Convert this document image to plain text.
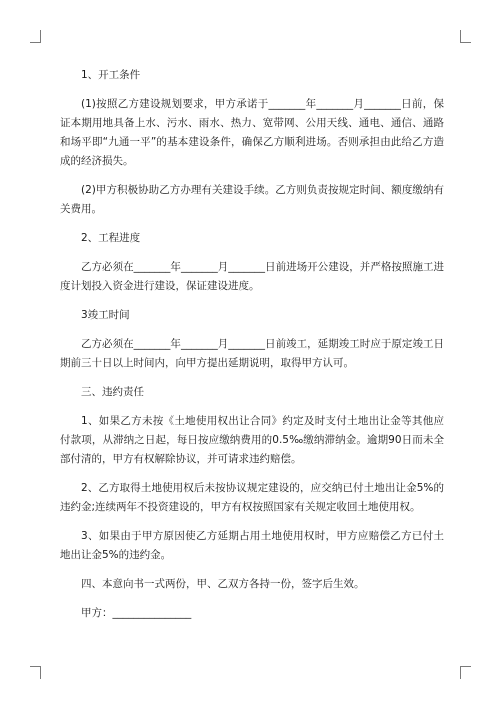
1、开工条件

(1)按照乙方建设规划要求，甲方承诺于_______年_______月_______日前，保证本期用地具备上水、污水、雨水、热力、宽带网、公用天线、通电、通信、通路和场平即“九通一平”的基本建设条件，确保乙方顺利进场。否则承担由此给乙方造成的经济损失。

(2)甲方积极协助乙方办理有关建设手续。乙方则负责按规定时间、额度缴纳有关费用。

2、工程进度

乙方必须在_______年_______月_______日前进场开公建设，并严格按照施工进度计划投入资金进行建设，保证建设进度。

3竣工时间

乙方必须在_______年_______月_______日前竣工，延期竣工时应于原定竣工日期前三十日以上时间内，向甲方提出延期说明，取得甲方认可。

三、违约责任

1、如果乙方未按《土地使用权出让合同》约定及时支付土地出让金等其他应付款项，从滞纳之日起，每日按应缴纳费用的0.5‰缴纳滞纳金。逾期90日而未全部付清的，甲方有权解除协议，并可请求违约赔偿。

2、乙方取得土地使用权后未按协议规定建设的，应交纳已付土地出让金5%的违约金;连续两年不投资建设的，甲方有权按照国家有关规定收回土地使用权。

3、如果由于甲方原因使乙方延期占用土地使用权时，甲方应赔偿乙方已付土地出让金5%的违约金。

四、本意向书一式两份，甲、乙双方各持一份，签字后生效。

甲方：_______________
